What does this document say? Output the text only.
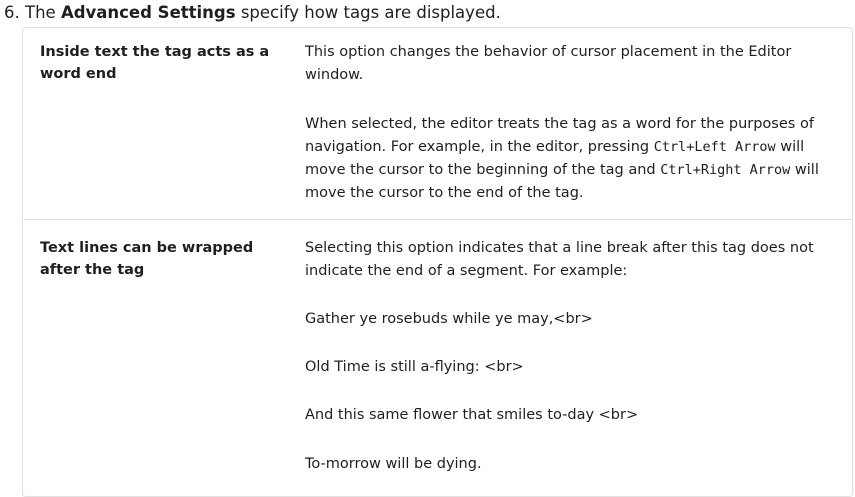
6. The Advanced Settings specify how tags are displayed.
Inside text the tag acts as a
word end
This option changes the behavior of cursor placement in the Editor
window.
When selected, the editor treats the tag as a word for the purposes of
navigation. For example, in the editor, pressing Ctrl+Left Arrow will
move the cursor to the beginning of the tag and Ctrl+Right Arrow will
move the cursor to the end of the tag.
Text lines can be wrapped
after the tag
Selecting this option indicates that a line break after this tag does not
indicate the end of a segment. For example:
Gather ye rosebuds while ye may,<br>
Old Time is still a-flying: <br>
And this same flower that smiles to-day <br>
To-morrow will be dying.
